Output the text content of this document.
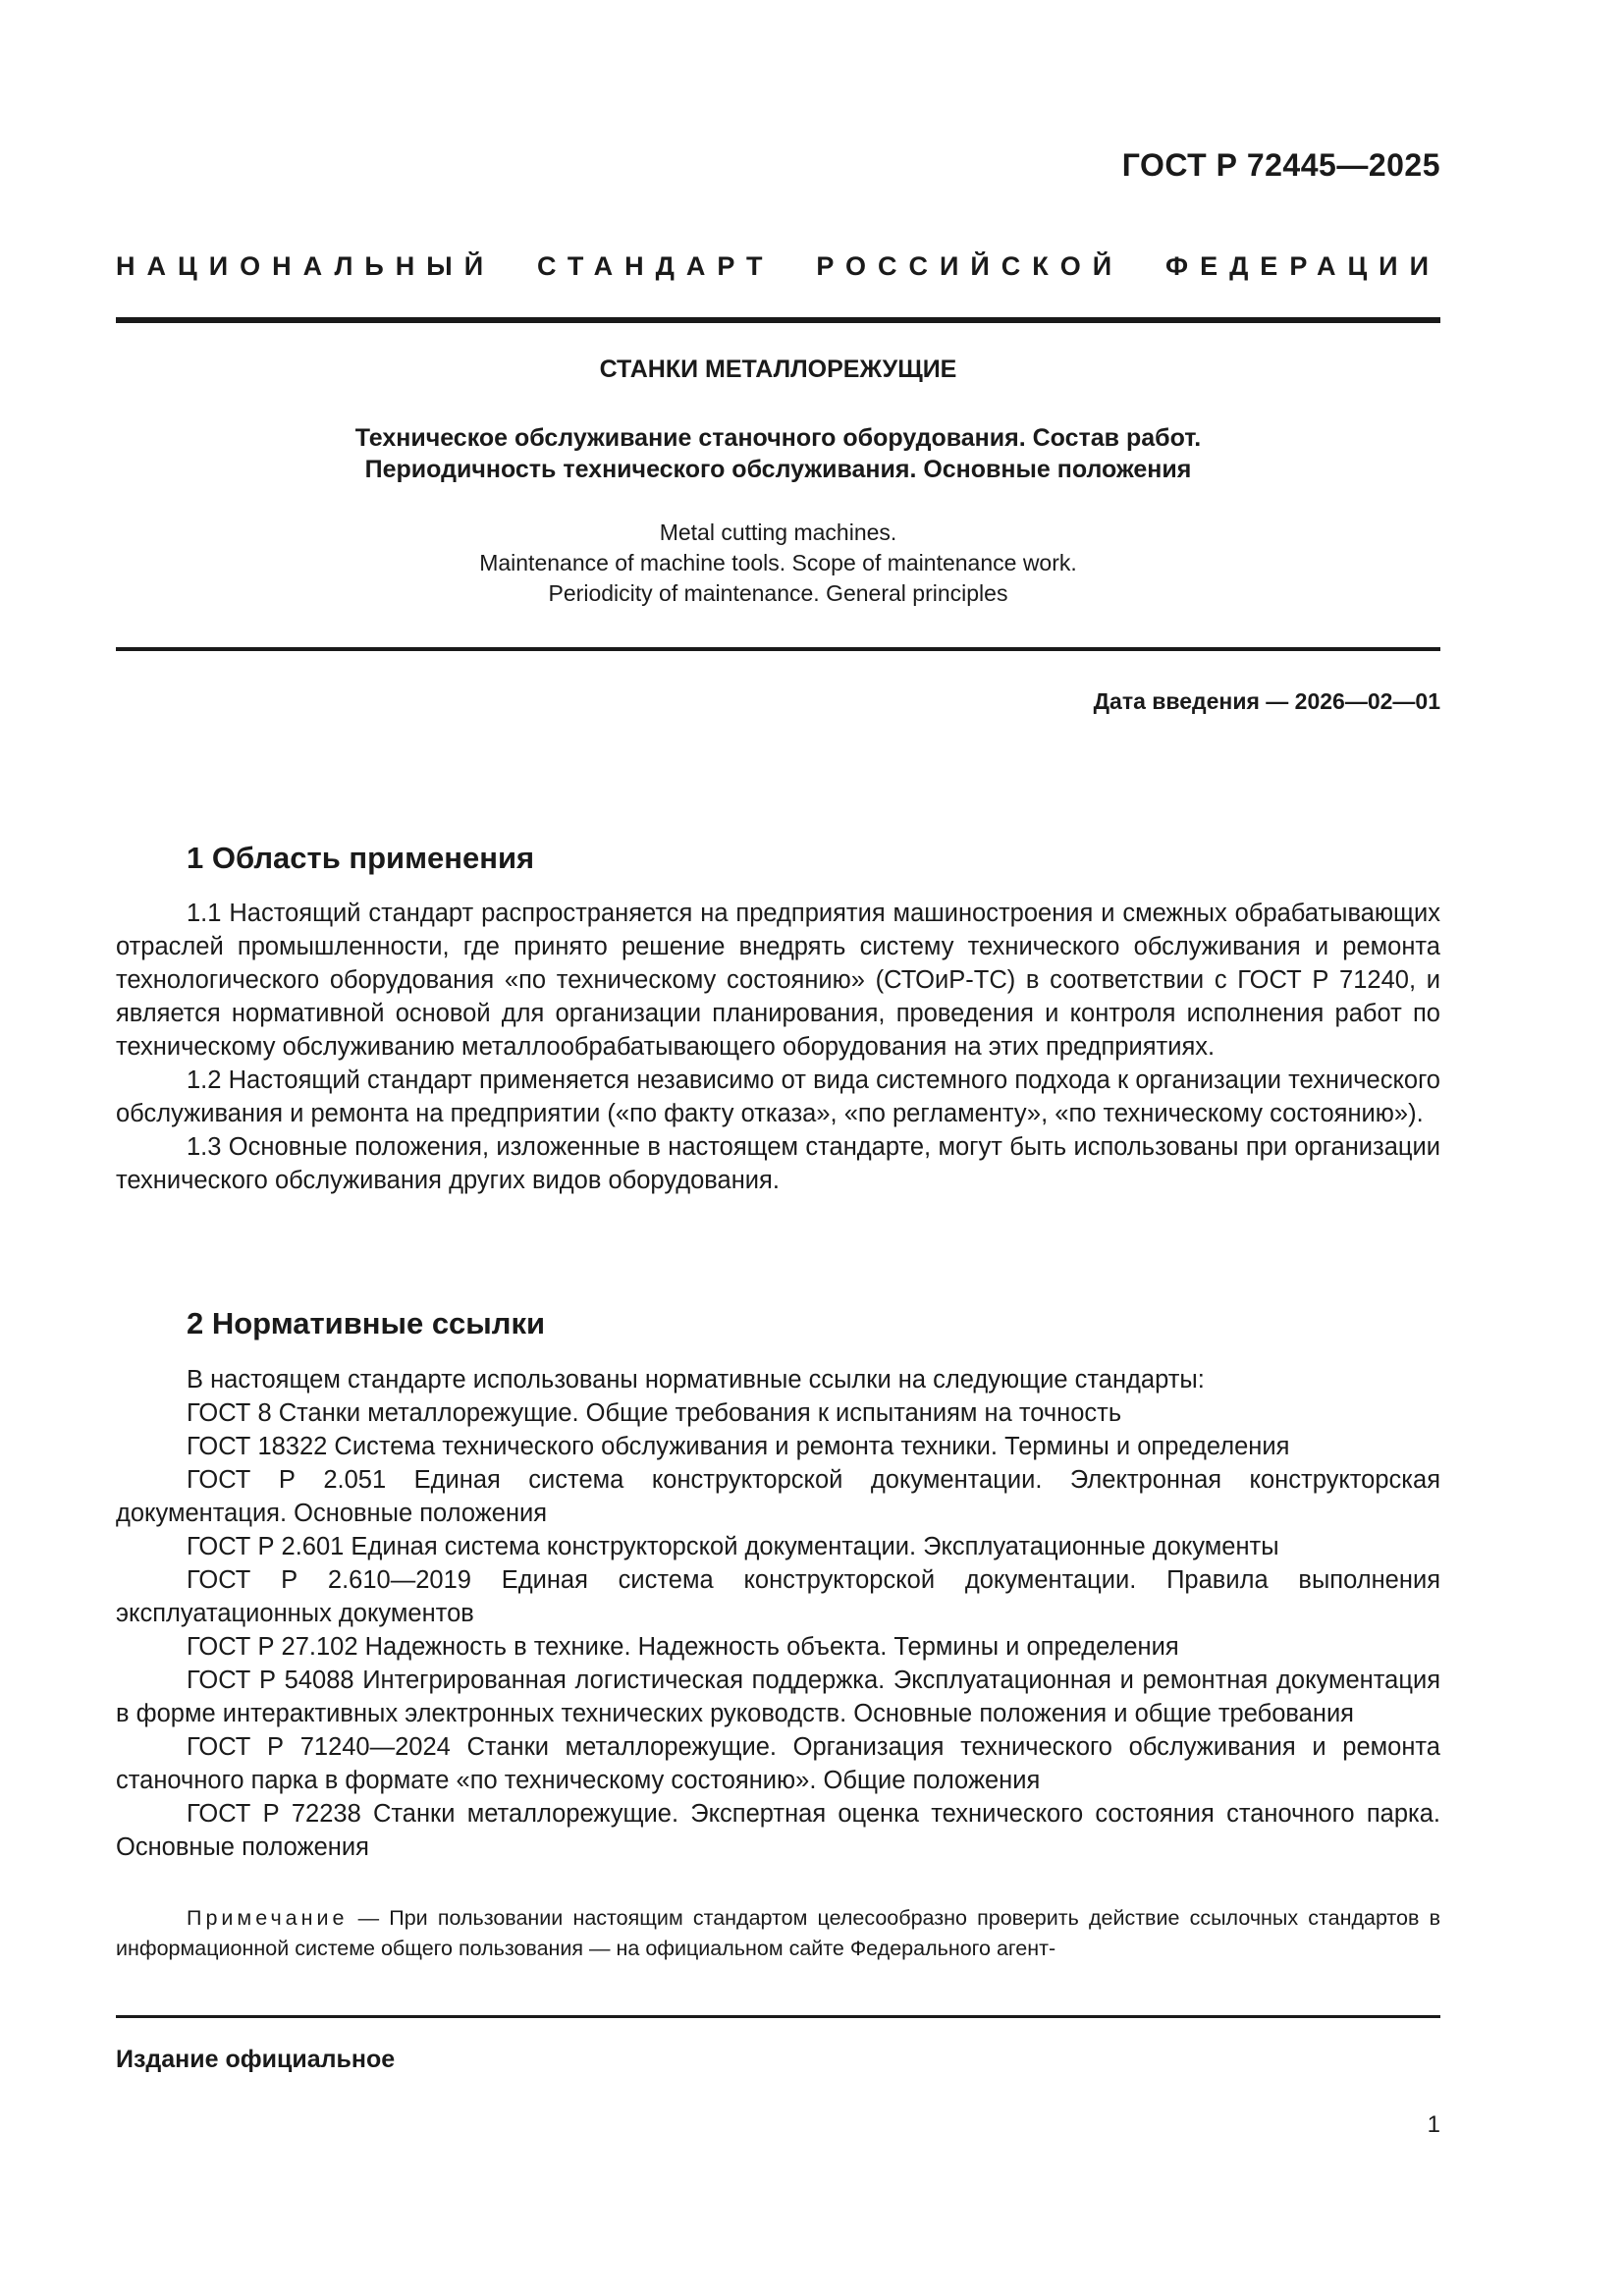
ГОСТ Р 72445—2025
НАЦИОНАЛЬНЫЙ СТАНДАРТ РОССИЙСКОЙ ФЕДЕРАЦИИ
СТАНКИ МЕТАЛЛОРЕЖУЩИЕ
Техническое обслуживание станочного оборудования. Состав работ.
Периодичность технического обслуживания. Основные положения
Metal cutting machines.
Maintenance of machine tools. Scope of maintenance work.
Periodicity of maintenance. General principles
Дата введения — 2026—02—01
1 Область применения

1.1 Настоящий стандарт распространяется на предприятия машиностроения и смежных обрабатывающих отраслей промышленности, где принято решение внедрять систему технического обслуживания и ремонта технологического оборудования «по техническому состоянию» (СТОиР-ТС) в соответствии с ГОСТ Р 71240, и является нормативной основой для организации планирования, проведения и контроля исполнения работ по техническому обслуживанию металлообрабатывающего оборудования на этих предприятиях.

1.2 Настоящий стандарт применяется независимо от вида системного подхода к организации технического обслуживания и ремонта на предприятии («по факту отказа», «по регламенту», «по техническому состоянию»).

1.3 Основные положения, изложенные в настоящем стандарте, могут быть использованы при организации технического обслуживания других видов оборудования.

2 Нормативные ссылки

В настоящем стандарте использованы нормативные ссылки на следующие стандарты:

ГОСТ 8 Станки металлорежущие. Общие требования к испытаниям на точность

ГОСТ 18322 Система технического обслуживания и ремонта техники. Термины и определения

ГОСТ Р 2.051 Единая система конструкторской документации. Электронная конструкторская документация. Основные положения

ГОСТ Р 2.601 Единая система конструкторской документации. Эксплуатационные документы

ГОСТ Р 2.610—2019 Единая система конструкторской документации. Правила выполнения эксплуатационных документов

ГОСТ Р 27.102 Надежность в технике. Надежность объекта. Термины и определения

ГОСТ Р 54088 Интегрированная логистическая поддержка. Эксплуатационная и ремонтная документация в форме интерактивных электронных технических руководств. Основные положения и общие требования

ГОСТ Р 71240—2024 Станки металлорежущие. Организация технического обслуживания и ремонта станочного парка в формате «по техническому состоянию». Общие положения

ГОСТ Р 72238 Станки металлорежущие. Экспертная оценка технического состояния станочного парка. Основные положения

Примечание — При пользовании настоящим стандартом целесообразно проверить действие ссылочных стандартов в информационной системе общего пользования — на официальном сайте Федерального агент-

Издание официальное
1
